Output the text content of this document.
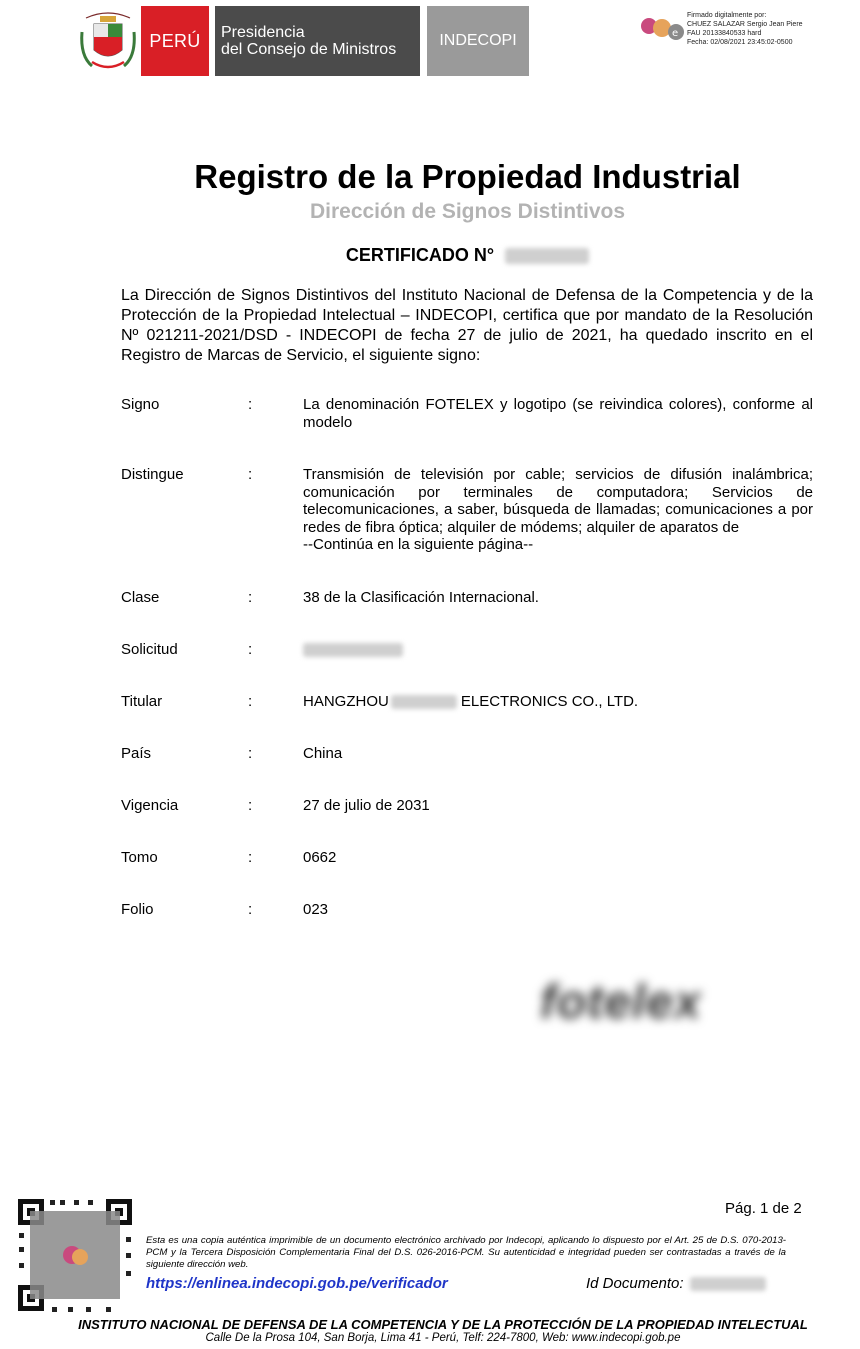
PERÚ Presidencia
del Consejo de Ministros
INDECOPI	e
Firmado digitalmente por:
CHUEZ SALAZAR Sergio Jean Piere
FAU 20133840533 hard
Fecha: 02/08/2021 23:45:02-0500
Registro de la Propiedad Industrial
Dirección de Signos Distintivos
CERTIFICADO N°
La Dirección de Signos Distintivos del Instituto Nacional de Defensa de la Competencia y de la Protección de la Propiedad Intelectual – INDECOPI, certifica que por mandato de la Resolución Nº 021211-2021/DSD - INDECOPI de fecha 27 de julio de 2021, ha quedado inscrito en el Registro de Marcas de Servicio, el siguiente signo:
Signo	:	La denominación FOTELEX y logotipo (se reivindica colores), conforme al modelo
Distingue	:	Transmisión de televisión por cable; servicios de difusión inalámbrica; comunicación por terminales de computadora; Servicios de telecomunicaciones, a saber, búsqueda de llamadas; comunicaciones a por redes de fibra óptica; alquiler de módems; alquiler de aparatos de
--Continúa en la siguiente página--
Clase	:	38 de la Clasificación Internacional.
Solicitud	:
Titular	:	HANGZHOU	ELECTRONICS CO., LTD.
País	:	China
Vigencia	:	27 de julio de 2031
Tomo	:	0662
Folio	:	023
fotelex
Pág. 1 de 2
Esta es una copia auténtica imprimible de un documento electrónico archivado por Indecopi, aplicando lo dispuesto por el Art. 25 de D.S. 070-2013- PCM y la Tercera Disposición Complementaria Final del D.S. 026-2016-PCM. Su autenticidad e integridad pueden ser contrastadas a través de la siguiente dirección web.
https://enlinea.indecopi.gob.pe/verificador	Id Documento:
INSTITUTO NACIONAL DE DEFENSA DE LA COMPETENCIA Y DE LA PROTECCIÓN DE LA PROPIEDAD INTELECTUAL
Calle De la Prosa 104, San Borja, Lima 41 - Perú, Telf: 224-7800, Web: www.indecopi.gob.pe
